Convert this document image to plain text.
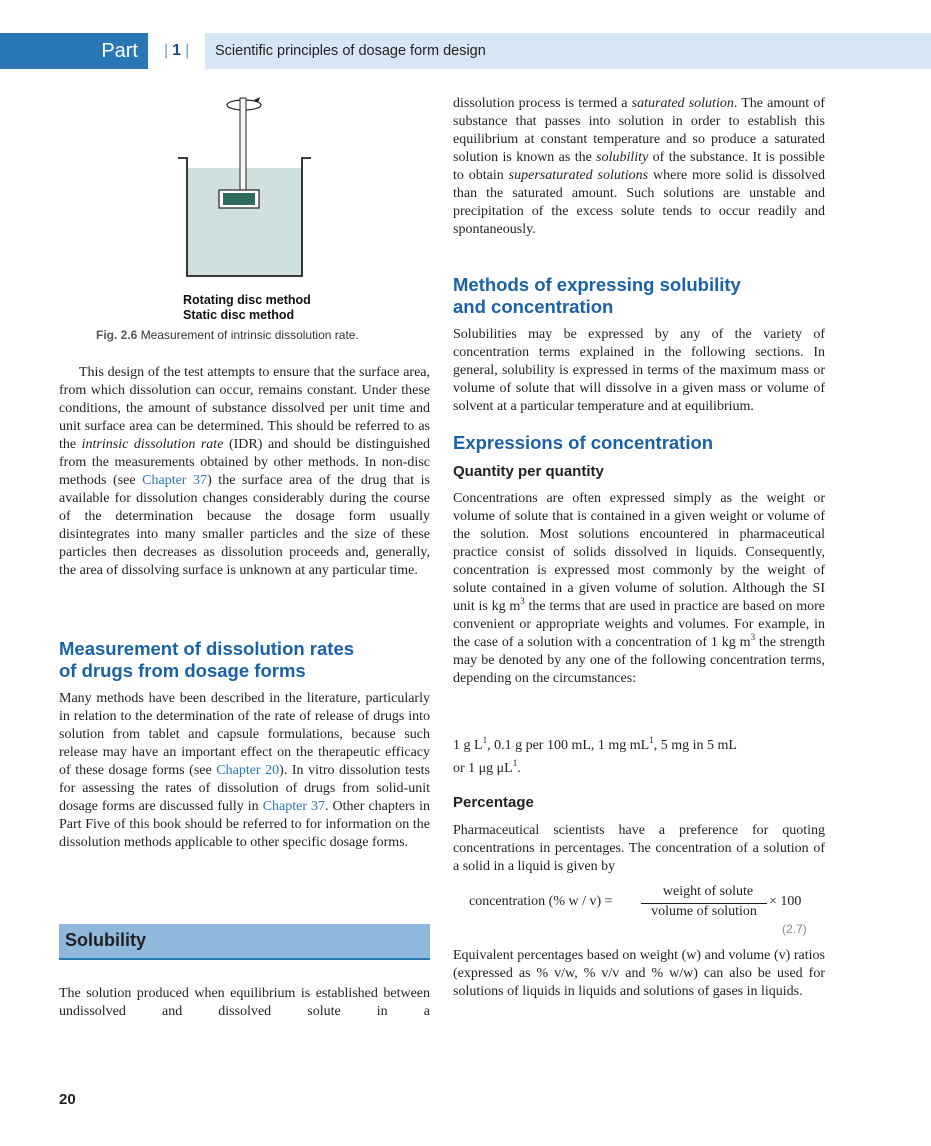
Part	| 1 |	Scientific principles of dosage form design
Rotating disc method
Static disc method
Fig. 2.6 Measurement of intrinsic dissolution rate.

This design of the test attempts to ensure that the surface area, from which dissolution can occur, remains constant. Under these conditions, the amount of substance dissolved per unit time and unit surface area can be determined. This should be referred to as the intrinsic dissolution rate (IDR) and should be distinguished from the measurements obtained by other methods. In non-disc methods (see Chapter 37) the surface area of the drug that is available for dissolution changes considerably during the course of the determination because the dosage form usually disintegrates into many smaller particles and the size of these particles then decreases as dissolution proceeds and, generally, the area of dissolving surface is unknown at any particular time.

Measurement of dissolution rates
of drugs from dosage forms

Many methods have been described in the literature, particularly in relation to the determination of the rate of release of drugs into solution from tablet and capsule formulations, because such release may have an important effect on the therapeutic efficacy of these dosage forms (see Chapter 20). In vitro dissolution tests for assessing the rates of dissolution of drugs from solid-unit dosage forms are discussed fully in Chapter 37. Other chapters in Part Five of this book should be referred to for information on the dissolution methods applicable to other specific dosage forms.

Solubility

The solution produced when equilibrium is established between undissolved and dissolved solute in a

dissolution process is termed a saturated solution. The amount of substance that passes into solution in order to establish this equilibrium at constant temperature and so produce a saturated solution is known as the solubility of the substance. It is possible to obtain supersaturated solutions where more solid is dissolved than the saturated amount. Such solutions are unstable and precipitation of the excess solute tends to occur readily and spontaneously.

Methods of expressing solubility
and concentration

Solubilities may be expressed by any of the variety of concentration terms explained in the following sections. In general, solubility is expressed in terms of the maximum mass or volume of solute that will dissolve in a given mass or volume of solvent at a particular temperature and at equilibrium.

Expressions of concentration
Quantity per quantity

Concentrations are often expressed simply as the weight or volume of solute that is contained in a given weight or volume of the solution. Most solutions encountered in pharmaceutical practice consist of solids dissolved in liquids. Consequently, concentration is expressed most commonly by the weight of solute contained in a given volume of solution. Although the SI unit is kg $m^3$ the terms that are used in practice are based on more convenient or appropriate weights and volumes. For example, in the case of a solution with a concentration of 1 kg $m^3$ the strength may be denoted by any one of the following concentration terms, depending on the circumstances:

1 g $L^1$, 0.1 g per 100 mL, 1 mg $mL^1$, 5 mg in 5 mL
or 1 μg $\mu L^1$.
Percentage

Pharmaceutical scientists have a preference for quoting concentrations in percentages. The concentration of a solution of a solid in a liquid is given by

concentration (% w / v) =
weight of solute
volume of solution
× 100
(2.7)

Equivalent percentages based on weight (w) and volume (v) ratios (expressed as % v/w, % v/v and % w/w) can also be used for solutions of liquids in liquids and solutions of gases in liquids.

20
